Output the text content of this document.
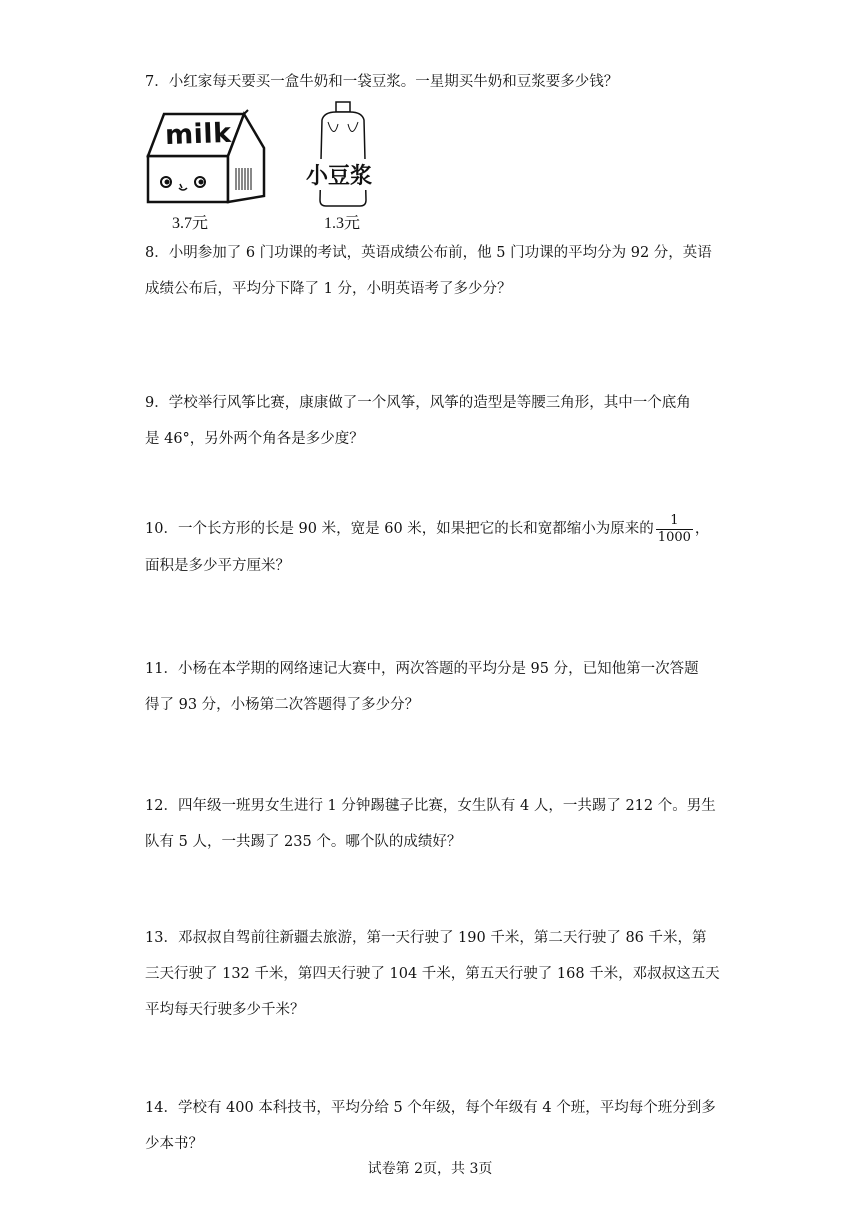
7．小红家每天要买一盒牛奶和一袋豆浆。一星期买牛奶和豆浆要多少钱？
milk
小豆浆
3.7元	1.3元
8．小明参加了 6 门功课的考试，英语成绩公布前，他 5 门功课的平均分为 92 分，英语
成绩公布后，平均分下降了 1 分，小明英语考了多少分？
9．学校举行风筝比赛，康康做了一个风筝，风筝的造型是等腰三角形，其中一个底角
是 46°，另外两个角各是多少度？
10．一个长方形的长是 90 米，宽是 60 米，如果把它的长和宽都缩小为原来的 $\frac{1}{1000}$ ，
面积是多少平方厘米？
11．小杨在本学期的网络速记大赛中，两次答题的平均分是 95 分，已知他第一次答题
得了 93 分，小杨第二次答题得了多少分？
12．四年级一班男女生进行 1 分钟踢毽子比赛，女生队有 4 人，一共踢了 212 个。男生
队有 5 人，一共踢了 235 个。哪个队的成绩好？
13．邓叔叔自驾前往新疆去旅游，第一天行驶了 190 千米，第二天行驶了 86 千米，第
三天行驶了 132 千米，第四天行驶了 104 千米，第五天行驶了 168 千米，邓叔叔这五天
平均每天行驶多少千米？
14．学校有 400 本科技书，平均分给 5 个年级，每个年级有 4 个班，平均每个班分到多
少本书？
试卷第 2页，共 3页
